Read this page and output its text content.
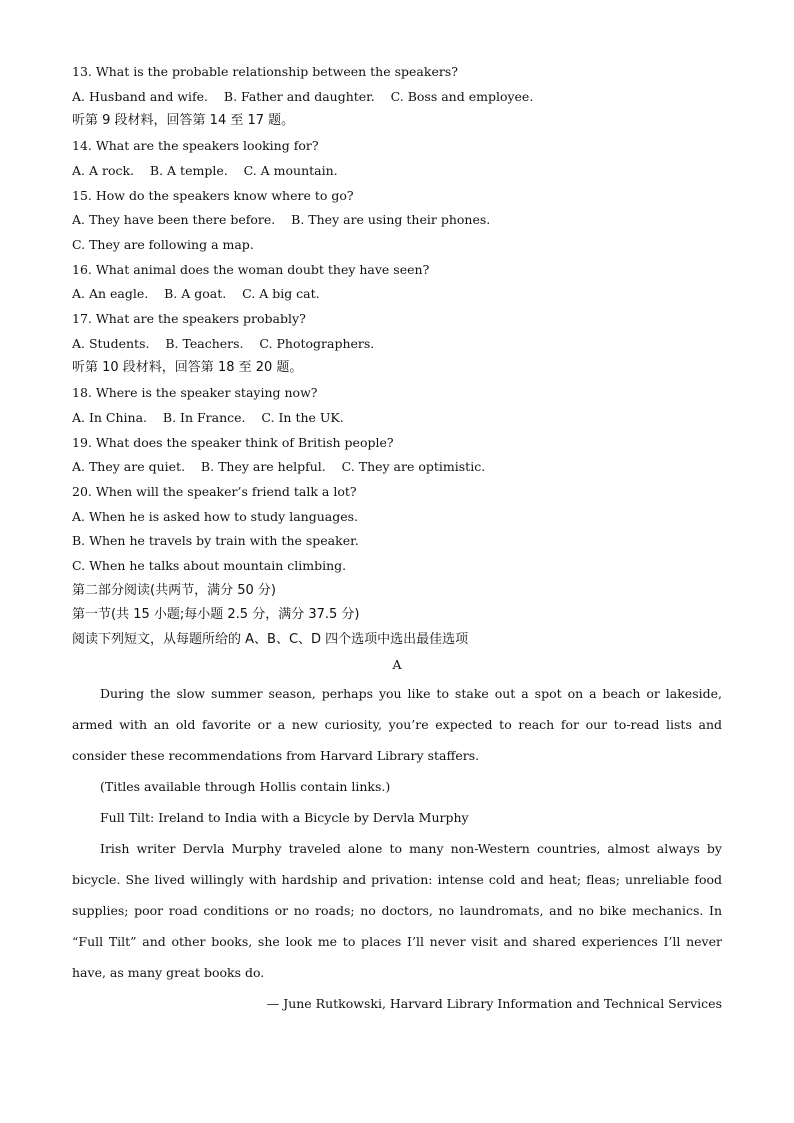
13. What is the probable relationship between the speakers?
A. Husband and wife.    B. Father and daughter.    C. Boss and employee.
听第 9 段材料，回答第 14 至 17 题。
14. What are the speakers looking for?
A. A rock.    B. A temple.    C. A mountain.
15. How do the speakers know where to go?
A. They have been there before.    B. They are using their phones.
C. They are following a map.
16. What animal does the woman doubt they have seen?
A. An eagle.    B. A goat.    C. A big cat.
17. What are the speakers probably?
A. Students.    B. Teachers.    C. Photographers.
听第 10 段材料，回答第 18 至 20 题。
18. Where is the speaker staying now?
A. In China.    B. In France.    C. In the UK.
19. What does the speaker think of British people?
A. They are quiet.    B. They are helpful.    C. They are optimistic.
20. When will the speaker’s friend talk a lot?
A. When he is asked how to study languages.
B. When he travels by train with the speaker.
C. When he talks about mountain climbing.
第二部分阅读(共两节，满分 50 分)
第一节(共 15 小题;每小题 2.5 分，满分 37.5 分)
阅读下列短文，从每题所给的 A、B、C、D 四个选项中选出最佳选项
A

During the slow summer season, perhaps you like to stake out a spot on a beach or lakeside, armed with an old favorite or a new curiosity, you’re expected to reach for our to-read lists and consider these recommendations from Harvard Library staffers.

(Titles available through Hollis contain links.)

Full Tilt: Ireland to India with a Bicycle by Dervla Murphy

Irish writer Dervla Murphy traveled alone to many non-Western countries, almost always by bicycle. She lived willingly with hardship and privation: intense cold and heat; fleas; unreliable food supplies; poor road conditions or no roads; no doctors, no laundromats, and no bike mechanics. In “Full Tilt” and other books, she look me to places I’ll never visit and shared experiences I’ll never have, as many great books do.

— June Rutkowski, Harvard Library Information and Technical Services
